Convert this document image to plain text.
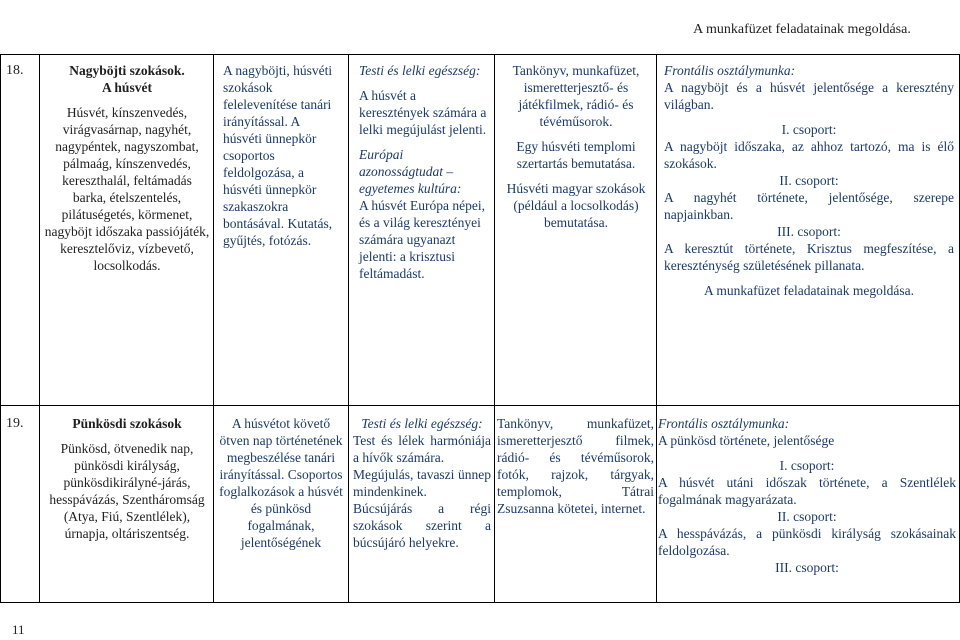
A munkafüzet feladatainak megoldása.
18.	Nagyböjti szokások.

A húsvét

Húsvét, kínszenvedés, virágvasárnap, nagyhét, nagypéntek, nagyszombat, pálmaág, kínszenvedés, kereszthalál, feltámadás barka, ételszentelés, pilátuségetés, körmenet, nagyböjt időszaka passiójáték, keresztelőviz, vízbevető, locsolkodás.

A nagyböjti, húsvéti szokások felelevenítése tanári irányítással. A húsvéti ünnepkör csoportos feldolgozása, a húsvéti ünnepkör szakaszokra bontásával. Kutatás, gyűjtés, fotózás.

Testi és lelki egészség:

A húsvét a keresztények számára a lelki megújulást jelenti.

Európai azonosságtudat – egyetemes kultúra:

A húsvét Európa népei, és a világ keresztényei számára ugyanazt jelenti: a krisztusi feltámadást.

Tankönyv, munkafüzet, ismeretterjesztő- és játékfilmek, rádió- és tévéműsorok.

Egy húsvéti templomi szertartás bemutatása.

Húsvéti magyar szokások (például a locsolkodás) bemutatása.

Frontális osztálymunka:

A nagyböjt és a húsvét jelentősége a keresztény világban.

I. csoport:

A nagyböjt időszaka, az ahhoz tartozó, ma is élő szokások.

II. csoport:

A nagyhét története, jelentősége, szerepe napjainkban.

III. csoport:

A keresztút története, Krisztus megfeszítése, a kereszténység születésének pillanata.

A munkafüzet feladatainak megoldása.

19.	Pünkösdi szokások

Pünkösd, ötvenedik nap, pünkösdi királyság, pünkösdikirályné-járás, hesspávázás, Szentháromság (Atya, Fiú, Szentlélek), úrnapja, oltáriszentség.

A húsvétot követő ötven nap történetének megbeszélése tanári irányítással. Csoportos foglalkozások a húsvét és pünkösd fogalmának, jelentőségének

Testi és lelki egészség:

Test és lélek harmóniája a hívők számára.

Megújulás, tavaszi ünnep mindenkinek.

Búcsújárás a régi szokások szerint a búcsújáró helyekre.

Tankönyv, munkafüzet, ismeretterjesztő filmek, rádió- és tévéműsorok, fotók, rajzok, tárgyak, templomok, Tátrai Zsuzsanna kötetei, internet.

Frontális osztálymunka:

A pünkösd története, jelentősége

I. csoport:

A húsvét utáni időszak története, a Szentlélek fogalmának magyarázata.

II. csoport:

A hesspávázás, a pünkösdi királyság szokásainak feldolgozása.

III. csoport:

11
